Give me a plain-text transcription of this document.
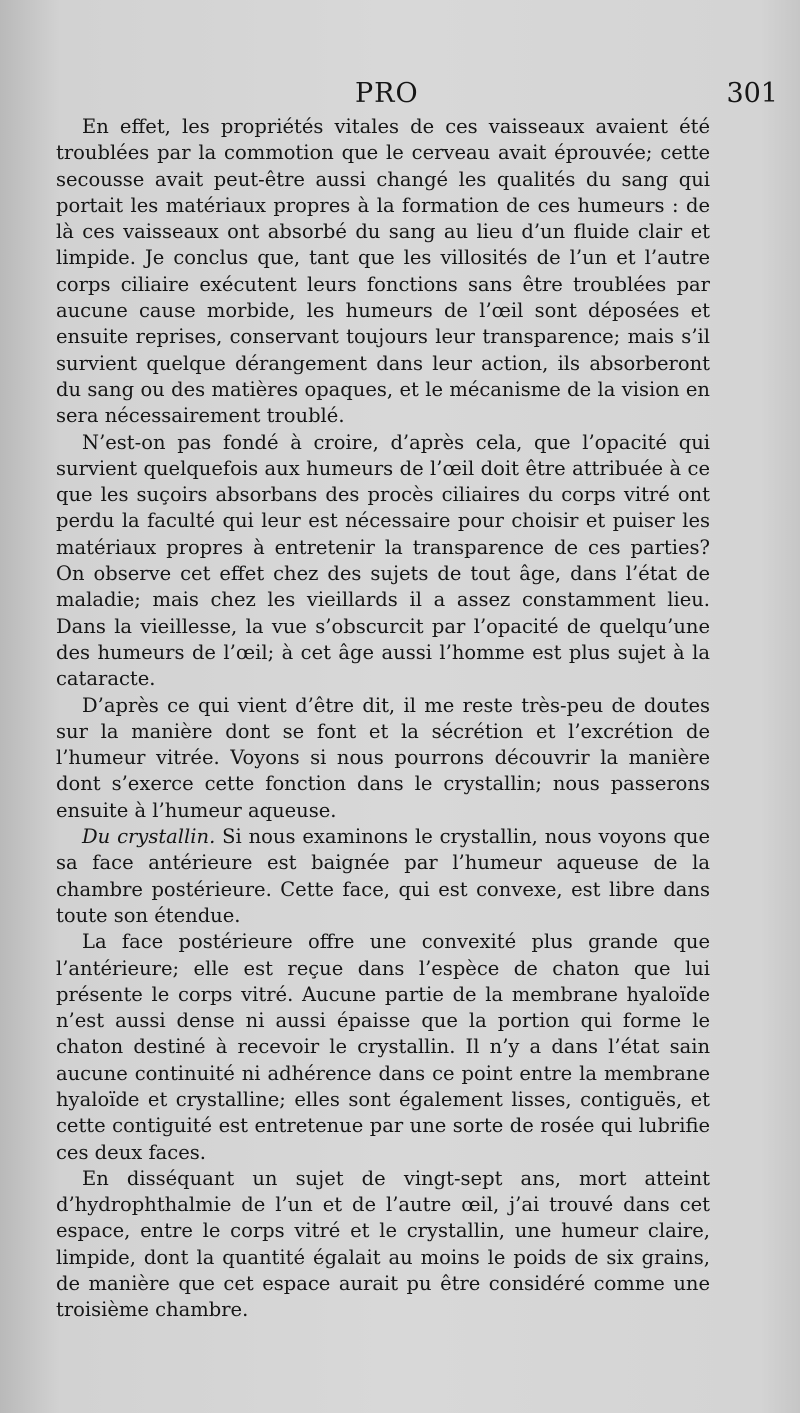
PRO	301

En effet, les propriétés vitales de ces vaisseaux avaient été troublées par la commotion que le cerveau avait éprouvée; cette secousse avait peut-être aussi changé les qualités du sang qui portait les matériaux propres à la formation de ces humeurs : de là ces vaisseaux ont absorbé du sang au lieu d’un fluide clair et limpide. Je conclus que, tant que les villosités de l’un et l’autre corps ciliaire exécutent leurs fonctions sans être troublées par aucune cause morbide, les humeurs de l’œil sont déposées et ensuite reprises, conservant toujours leur transparence; mais s’il survient quelque dérangement dans leur action, ils absorberont du sang ou des matières opaques, et le mécanisme de la vision en sera nécessairement troublé.

N’est-on pas fondé à croire, d’après cela, que l’opacité qui survient quelquefois aux humeurs de l’œil doit être attribuée à ce que les suçoirs absorbans des procès ciliaires du corps vitré ont perdu la faculté qui leur est nécessaire pour choisir et puiser les matériaux propres à entretenir la transparence de ces parties? On observe cet effet chez des sujets de tout âge, dans l’état de maladie; mais chez les vieillards il a assez constamment lieu. Dans la vieillesse, la vue s’obscurcit par l’opacité de quelqu’une des humeurs de l’œil; à cet âge aussi l’homme est plus sujet à la cataracte.

D’après ce qui vient d’être dit, il me reste très-peu de doutes sur la manière dont se font et la sécrétion et l’excrétion de l’humeur vitrée. Voyons si nous pourrons découvrir la manière dont s’exerce cette fonction dans le crystallin; nous passerons ensuite à l’humeur aqueuse.

Du crystallin. Si nous examinons le crystallin, nous voyons que sa face antérieure est baignée par l’humeur aqueuse de la chambre postérieure. Cette face, qui est convexe, est libre dans toute son étendue.

La face postérieure offre une convexité plus grande que l’antérieure; elle est reçue dans l’espèce de chaton que lui présente le corps vitré. Aucune partie de la membrane hyaloïde n’est aussi dense ni aussi épaisse que la portion qui forme le chaton destiné à recevoir le crystallin. Il n’y a dans l’état sain aucune continuité ni adhérence dans ce point entre la membrane hyaloïde et crystalline; elles sont également lisses, contiguës, et cette contiguité est entretenue par une sorte de rosée qui lubrifie ces deux faces.

En disséquant un sujet de vingt-sept ans, mort atteint d’hydrophthalmie de l’un et de l’autre œil, j’ai trouvé dans cet espace, entre le corps vitré et le crystallin, une humeur claire, limpide, dont la quantité égalait au moins le poids de six grains, de manière que cet espace aurait pu être considéré comme une troisième chambre.
